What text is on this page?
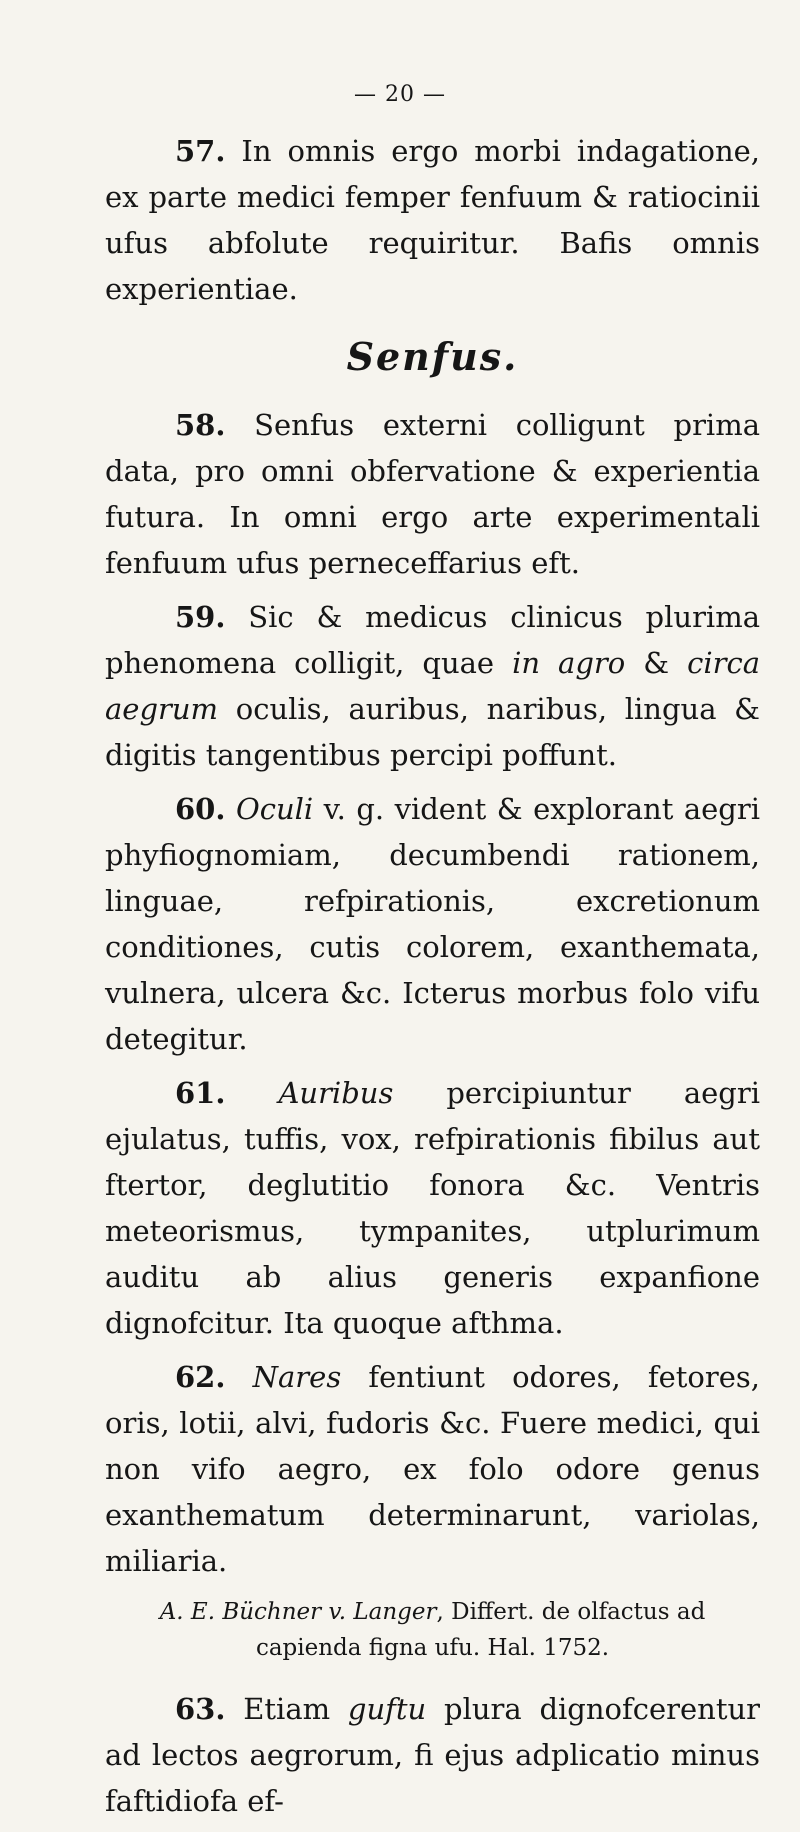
— 20 —

57. In omnis ergo morbi indagatione, ex parte medici femper fenfuum & ratiocinii ufus abfolute requiritur. Bafis omnis experientiae.

Senfus.

58. Senfus externi colligunt prima data, pro omni obfervatione & experientia futura. In omni ergo arte experimentali fenfuum ufus perneceffarius eft.

59. Sic & medicus clinicus plurima phenomena colligit, quae in agro & circa aegrum oculis, auribus, naribus, lingua & digitis tangentibus percipi poffunt.

60. Oculi v. g. vident & explorant aegri phyfiognomiam, decumbendi rationem, linguae, refpirationis, excretionum conditiones, cutis colorem, exanthemata, vulnera, ulcera &c. Icterus morbus folo vifu detegitur.

61. Auribus percipiuntur aegri ejulatus, tuffis, vox, refpirationis fibilus aut ftertor, deglutitio fonora &c. Ventris meteorismus, tympanites, utplurimum auditu ab alius generis expanfione dignofcitur. Ita quoque afthma.

62. Nares fentiunt odores, fetores, oris, lotii, alvi, fudoris &c. Fuere medici, qui non vifo aegro, ex folo odore genus exanthematum determinarunt, variolas, miliaria.

A. E. Büchner v. Langer, Differt. de olfactus ad capienda figna ufu. Hal. 1752.

63. Etiam guftu plura dignofcerentur ad lectos aegrorum, fi ejus adplicatio minus faftidiofa ef-
